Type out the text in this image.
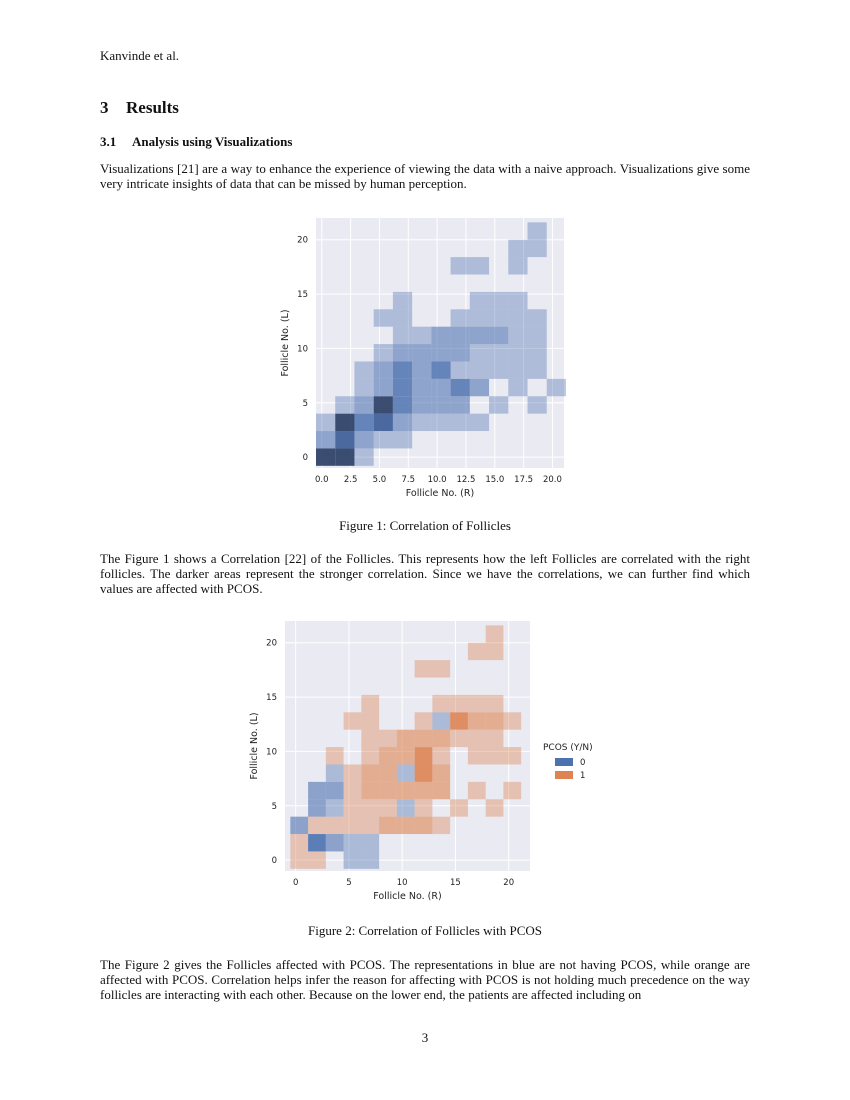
Kanvinde et al.
3 Results
3.1 Analysis using Visualizations
Visualizations [21] are a way to enhance the experience of viewing the data with a naive approach. Visualizations give some very intricate insights of data that can be missed by human perception.
0.0 2.5 5.0 7.5 10.0 12.5 15.0 17.5 20.0
0
5
10
15
20
Follicle No. (R)
Follicle No. (L)
Figure 1: Correlation of Follicles
The Figure 1 shows a Correlation [22] of the Follicles. This represents how the left Follicles are correlated with the right follicles. The darker areas represent the stronger correlation. Since we have the correlations, we can further find which values are affected with PCOS.
0	5	10	15	20
0
5
10
15
20
Follicle No. (R)
Follicle No. (L)	PCOS (Y/N)
0
1
Figure 2: Correlation of Follicles with PCOS
The Figure 2 gives the Follicles affected with PCOS. The representations in blue are not having PCOS, while orange are affected with PCOS. Correlation helps infer the reason for affecting with PCOS is not holding much precedence on the way follicles are interacting with each other. Because on the lower end, the patients are affected including on
3
